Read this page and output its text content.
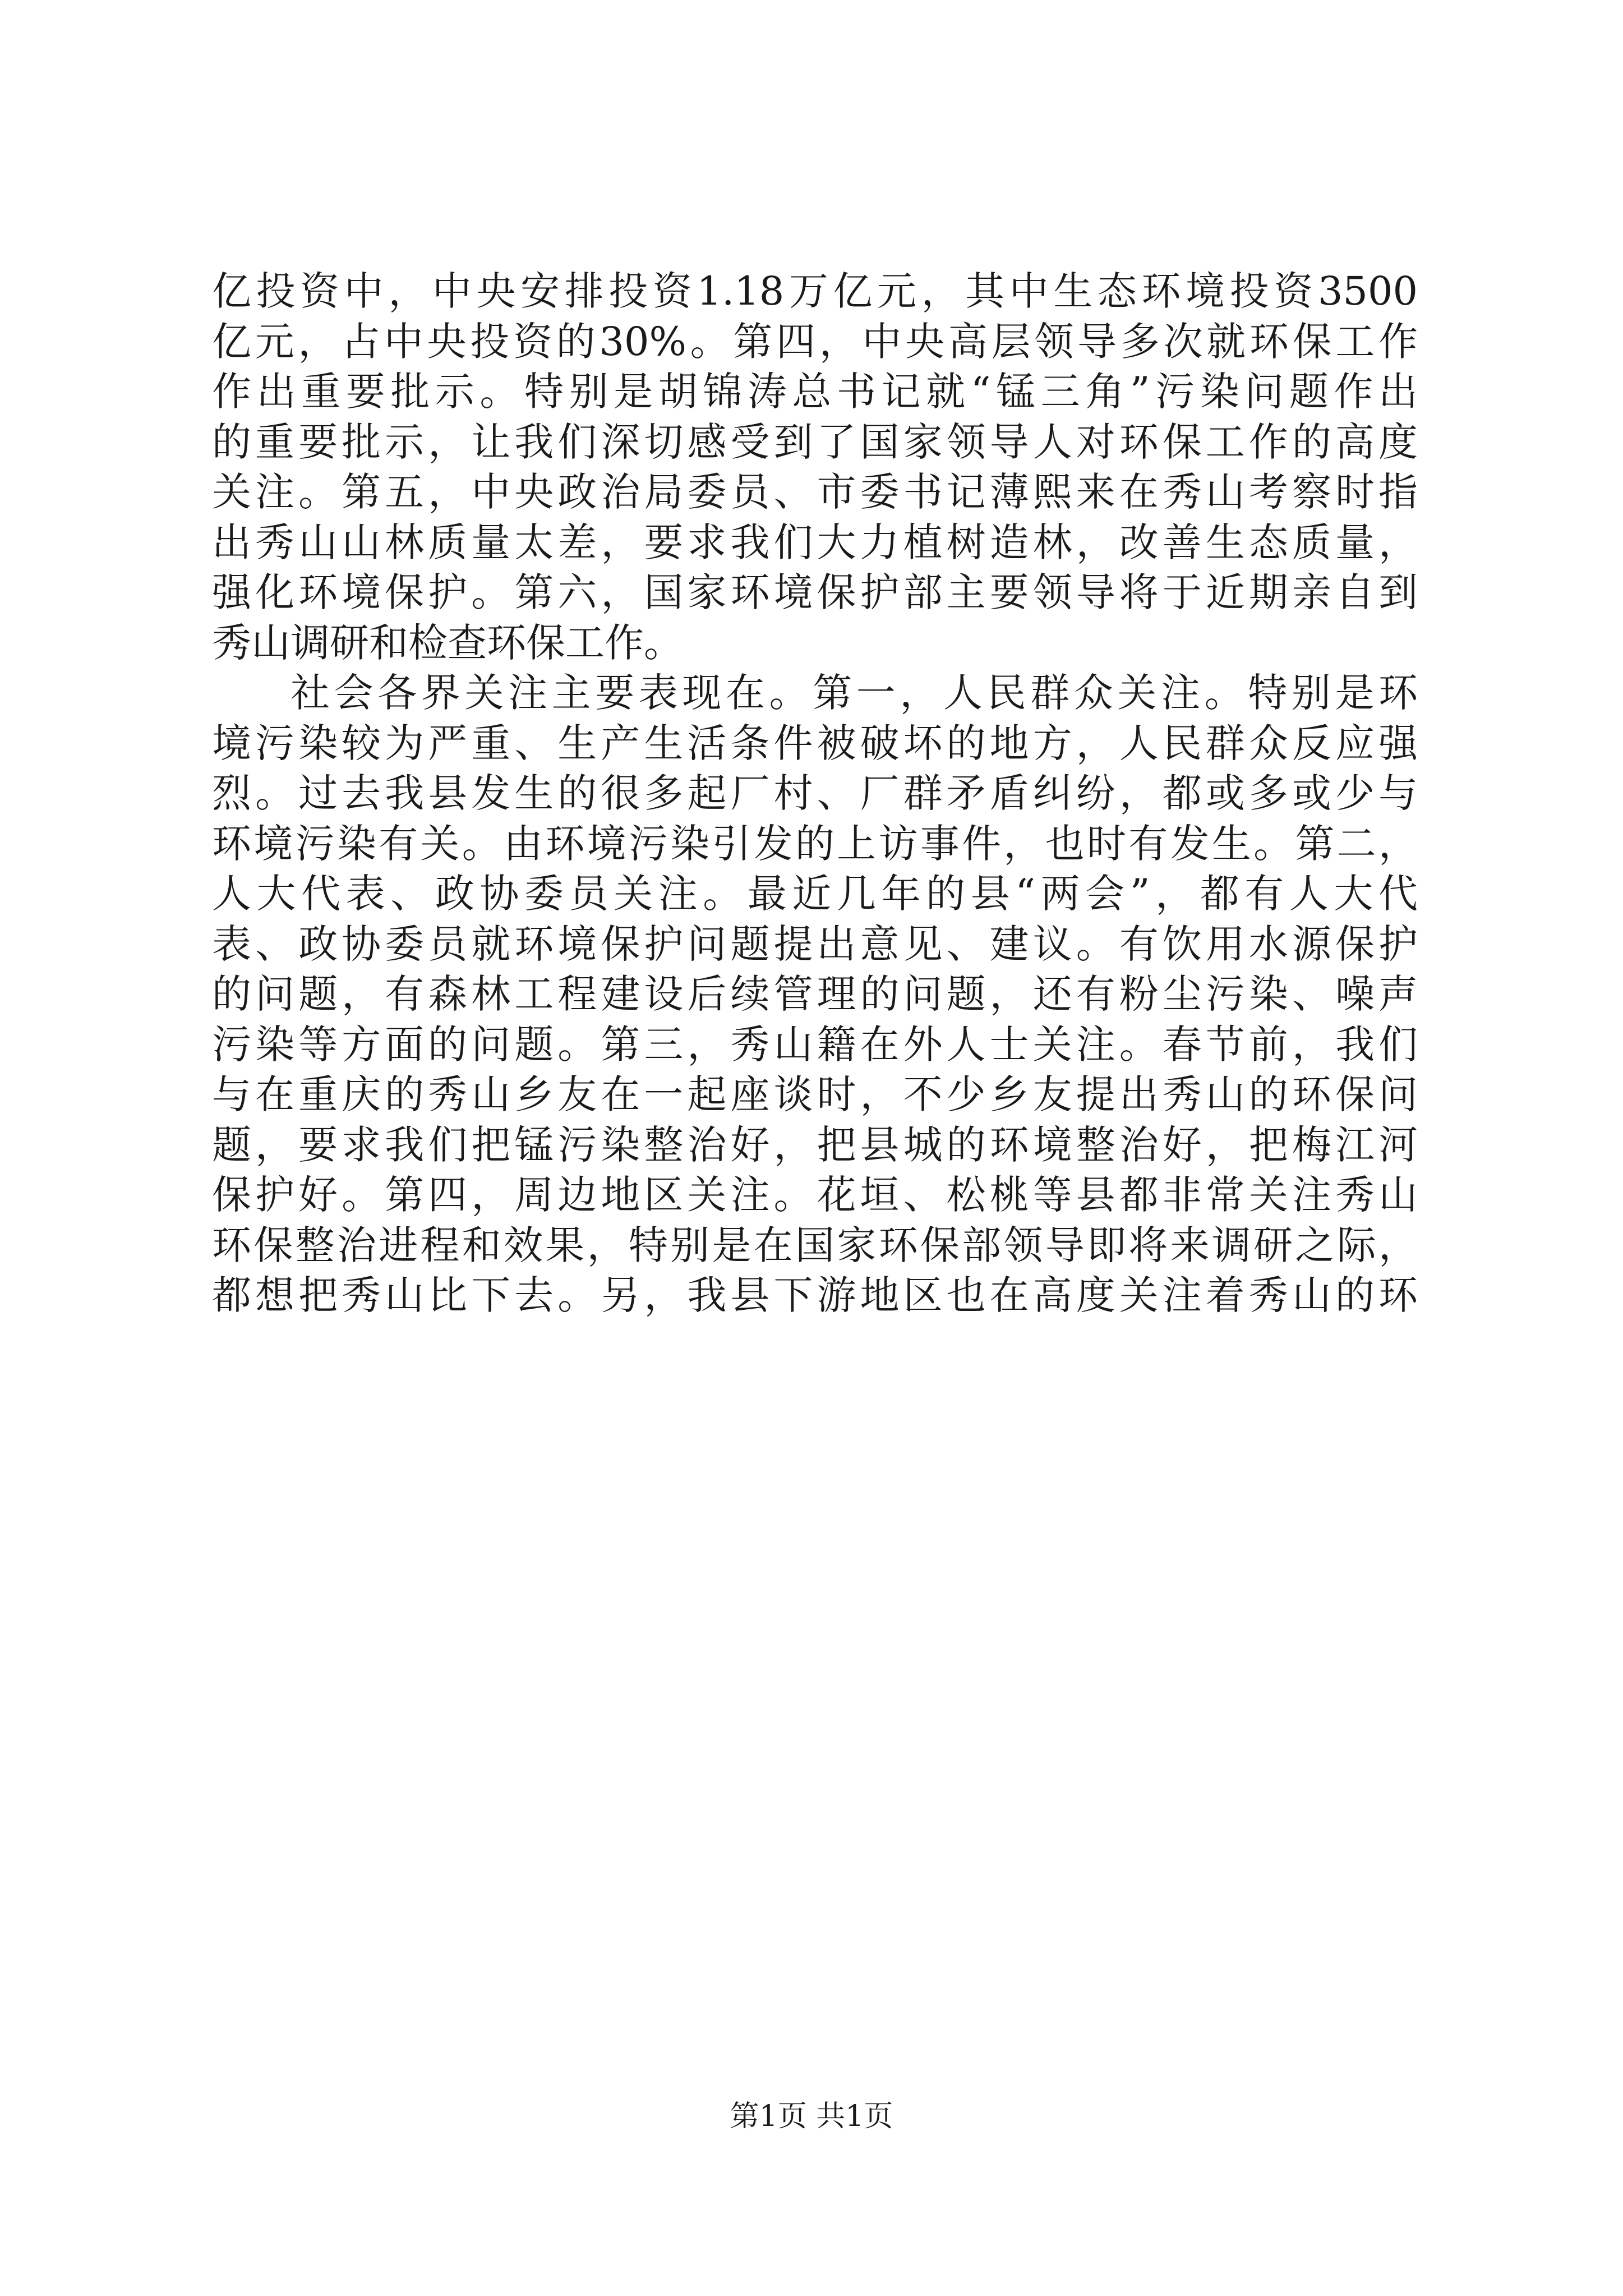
亿投资中，中央安排投资1.18万亿元，其中生态环境投资3500
亿元，占中央投资的30%。第四，中央高层领导多次就环保工作
作出重要批示。特别是胡锦涛总书记就“锰三角”污染问题作出
的重要批示，让我们深切感受到了国家领导人对环保工作的高度
关注。第五，中央政治局委员、市委书记薄熙来在秀山考察时指
出秀山山林质量太差，要求我们大力植树造林，改善生态质量，
强化环境保护。第六，国家环境保护部主要领导将于近期亲自到
秀山调研和检查环保工作。
社会各界关注主要表现在。第一，人民群众关注。特别是环
境污染较为严重、生产生活条件被破坏的地方，人民群众反应强
烈。过去我县发生的很多起厂村、厂群矛盾纠纷，都或多或少与
环境污染有关。由环境污染引发的上访事件，也时有发生。第二，
人大代表、政协委员关注。最近几年的县“两会”，都有人大代
表、政协委员就环境保护问题提出意见、建议。有饮用水源保护
的问题，有森林工程建设后续管理的问题，还有粉尘污染、噪声
污染等方面的问题。第三，秀山籍在外人士关注。春节前，我们
与在重庆的秀山乡友在一起座谈时，不少乡友提出秀山的环保问
题，要求我们把锰污染整治好，把县城的环境整治好，把梅江河
保护好。第四，周边地区关注。花垣、松桃等县都非常关注秀山
环保整治进程和效果，特别是在国家环保部领导即将来调研之际，
都想把秀山比下去。另，我县下游地区也在高度关注着秀山的环
第1页 共1页
